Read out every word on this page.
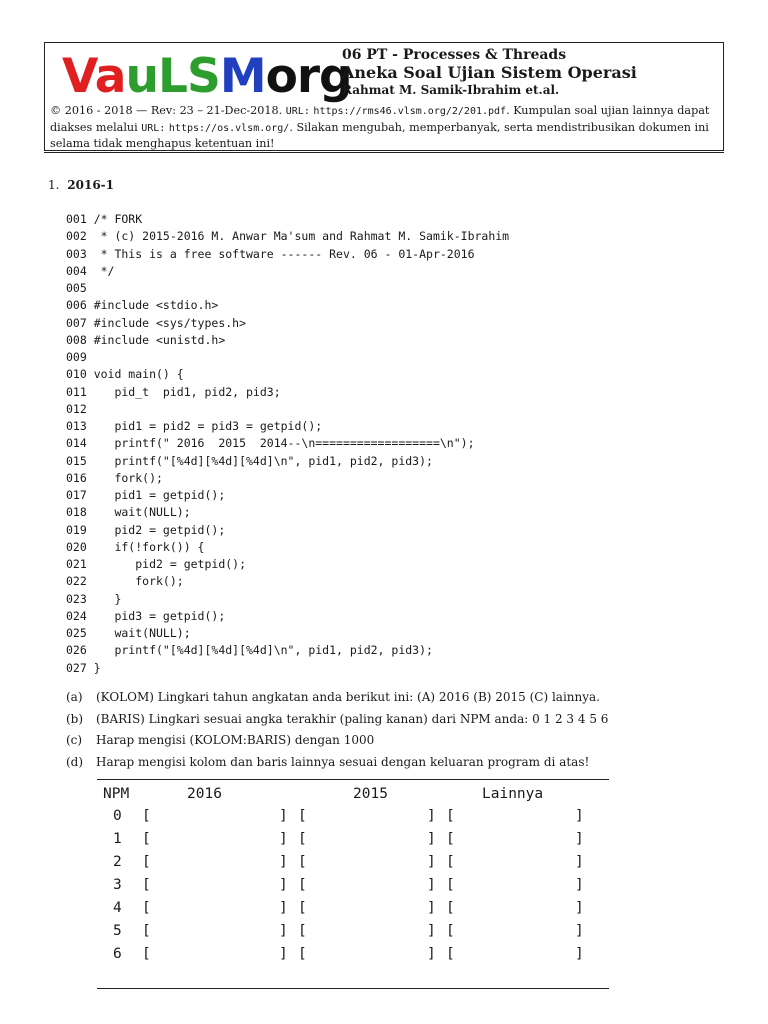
VauLSMorg
06 PT - Processes & Threads
Aneka Soal Ujian Sistem Operasi
Rahmat M. Samik-Ibrahim et.al.
© 2016 - 2018 — Rev: 23 – 21-Dec-2018. URL: https://rms46.vlsm.org/2/201.pdf. Kumpulan soal ujian lainnya dapat diakses melalui URL: https://os.vlsm.org/. Silakan mengubah, memperbanyak, serta mendistribusikan dokumen ini selama tidak menghapus ketentuan ini!
1. 2016-1
001 /* FORK
002  * (c) 2015-2016 M. Anwar Ma'sum and Rahmat M. Samik-Ibrahim
003  * This is a free software ------ Rev. 06 - 01-Apr-2016
004  */
005
006 #include <stdio.h>
007 #include <sys/types.h>
008 #include <unistd.h>
009
010 void main() {
011    pid_t  pid1, pid2, pid3;
012
013    pid1 = pid2 = pid3 = getpid();
014    printf(" 2016  2015  2014--\n==================\n");
015    printf("[%4d][%4d][%4d]\n", pid1, pid2, pid3);
016    fork();
017    pid1 = getpid();
018    wait(NULL);
019    pid2 = getpid();
020    if(!fork()) {
021       pid2 = getpid();
022       fork();
023    }
024    pid3 = getpid();
025    wait(NULL);
026    printf("[%4d][%4d][%4d]\n", pid1, pid2, pid3);
027 }
(a) (KOLOM) Lingkari tahun angkatan anda berikut ini: (A) 2016 (B) 2015 (C) lainnya.
(b) (BARIS) Lingkari sesuai angka terakhir (paling kanan) dari NPM anda: 0 1 2 3 4 5 6
(c) Harap mengisi (KOLOM:BARIS) dengan 1000
(d) Harap mengisi kolom dan baris lainnya sesuai dengan keluaran program di atas!
NPM	2016	2015	Lainnya
0 [	] [	] [	]
1 [	] [	] [	]
2 [	] [	] [	]
3 [	] [	] [	]
4 [	] [	] [	]
5 [	] [	] [	]
6 [	] [	] [	]
